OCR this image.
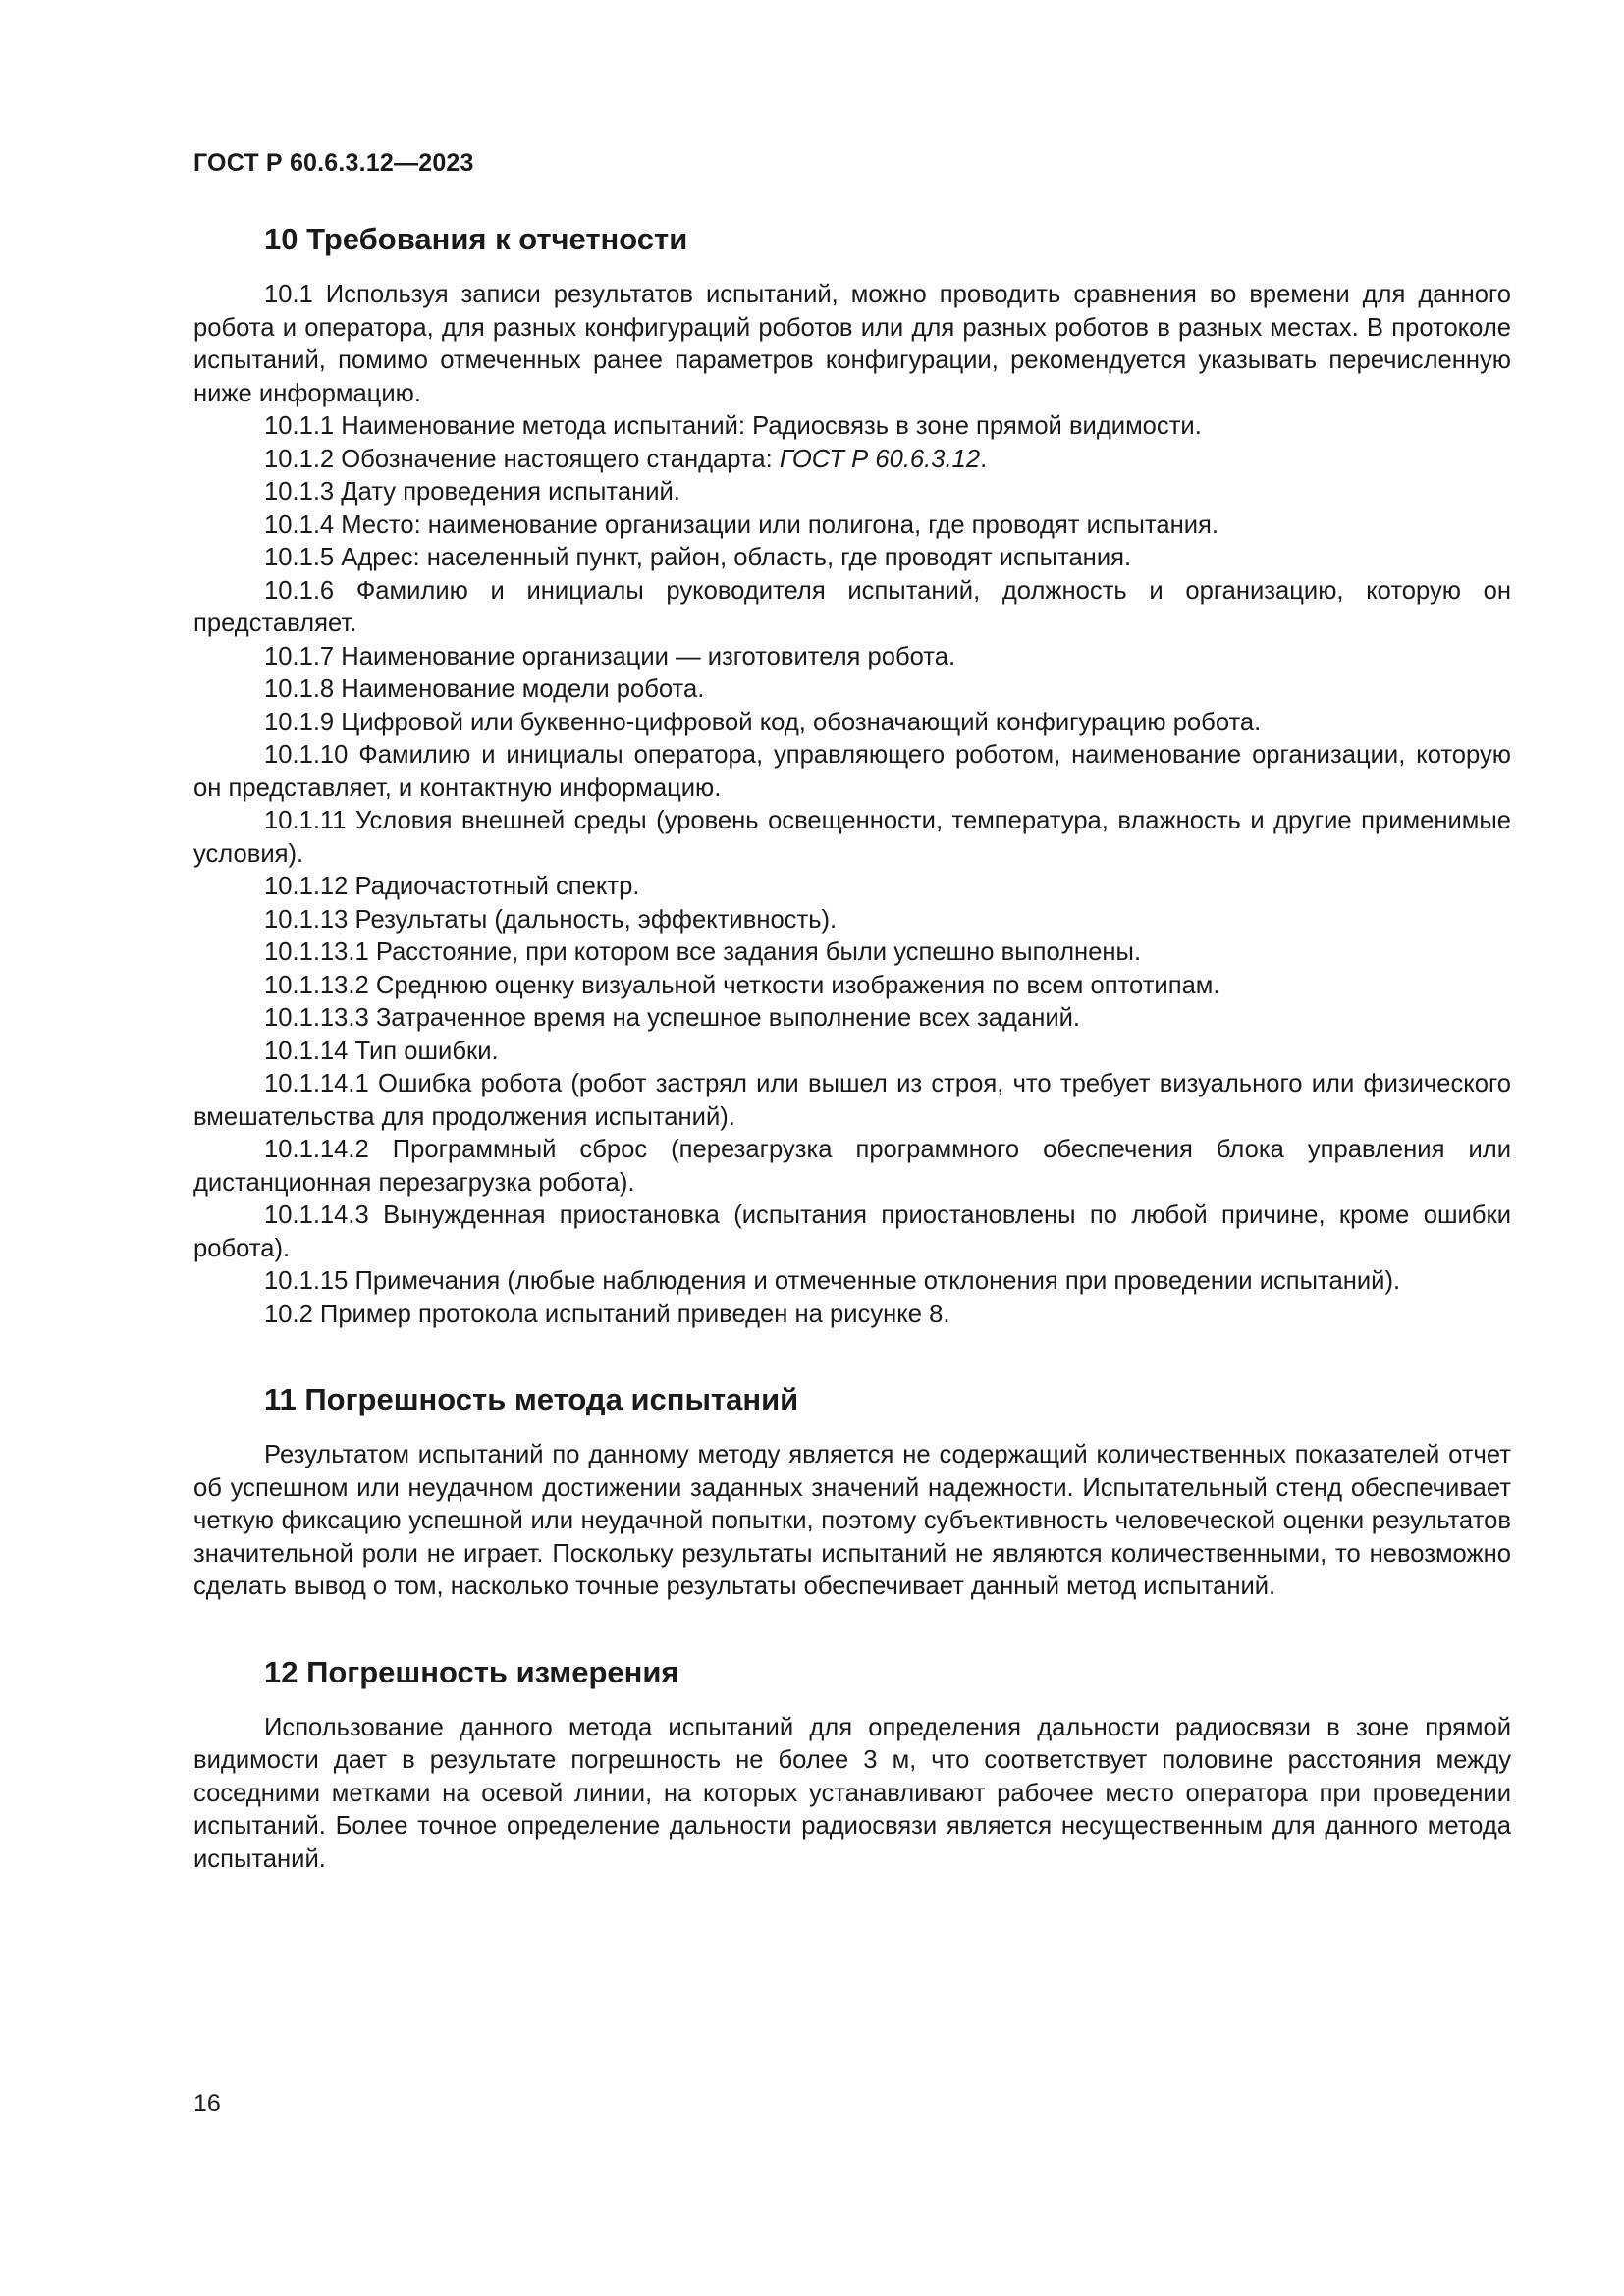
ГОСТ Р 60.6.3.12—2023
10 Требования к отчетности

10.1 Используя записи результатов испытаний, можно проводить сравнения во времени для данного робота и оператора, для разных конфигураций роботов или для разных роботов в разных местах. В протоколе испытаний, помимо отмеченных ранее параметров конфигурации, рекомендуется указывать перечисленную ниже информацию.

10.1.1 Наименование метода испытаний: Радиосвязь в зоне прямой видимости.

10.1.2 Обозначение настоящего стандарта: ГОСТ Р 60.6.3.12.

10.1.3 Дату проведения испытаний.

10.1.4 Место: наименование организации или полигона, где проводят испытания.

10.1.5 Адрес: населенный пункт, район, область, где проводят испытания.

10.1.6 Фамилию и инициалы руководителя испытаний, должность и организацию, которую он представляет.

10.1.7 Наименование организации — изготовителя робота.

10.1.8 Наименование модели робота.

10.1.9 Цифровой или буквенно-цифровой код, обозначающий конфигурацию робота.

10.1.10 Фамилию и инициалы оператора, управляющего роботом, наименование организации, которую он представляет, и контактную информацию.

10.1.11 Условия внешней среды (уровень освещенности, температура, влажность и другие применимые условия).

10.1.12 Радиочастотный спектр.

10.1.13 Результаты (дальность, эффективность).

10.1.13.1 Расстояние, при котором все задания были успешно выполнены.

10.1.13.2 Среднюю оценку визуальной четкости изображения по всем оптотипам.

10.1.13.3 Затраченное время на успешное выполнение всех заданий.

10.1.14 Тип ошибки.

10.1.14.1 Ошибка робота (робот застрял или вышел из строя, что требует визуального или физического вмешательства для продолжения испытаний).

10.1.14.2 Программный сброс (перезагрузка программного обеспечения блока управления или дистанционная перезагрузка робота).

10.1.14.3 Вынужденная приостановка (испытания приостановлены по любой причине, кроме ошибки робота).

10.1.15 Примечания (любые наблюдения и отмеченные отклонения при проведении испытаний).

10.2 Пример протокола испытаний приведен на рисунке 8.

11 Погрешность метода испытаний

Результатом испытаний по данному методу является не содержащий количественных показателей отчет об успешном или неудачном достижении заданных значений надежности. Испытательный стенд обеспечивает четкую фиксацию успешной или неудачной попытки, поэтому субъективность человеческой оценки результатов значительной роли не играет. Поскольку результаты испытаний не являются количественными, то невозможно сделать вывод о том, насколько точные результаты обеспечивает данный метод испытаний.

12 Погрешность измерения

Использование данного метода испытаний для определения дальности радиосвязи в зоне прямой видимости дает в результате погрешность не более 3 м, что соответствует половине расстояния между соседними метками на осевой линии, на которых устанавливают рабочее место оператора при проведении испытаний. Более точное определение дальности радиосвязи является несущественным для данного метода испытаний.

16
